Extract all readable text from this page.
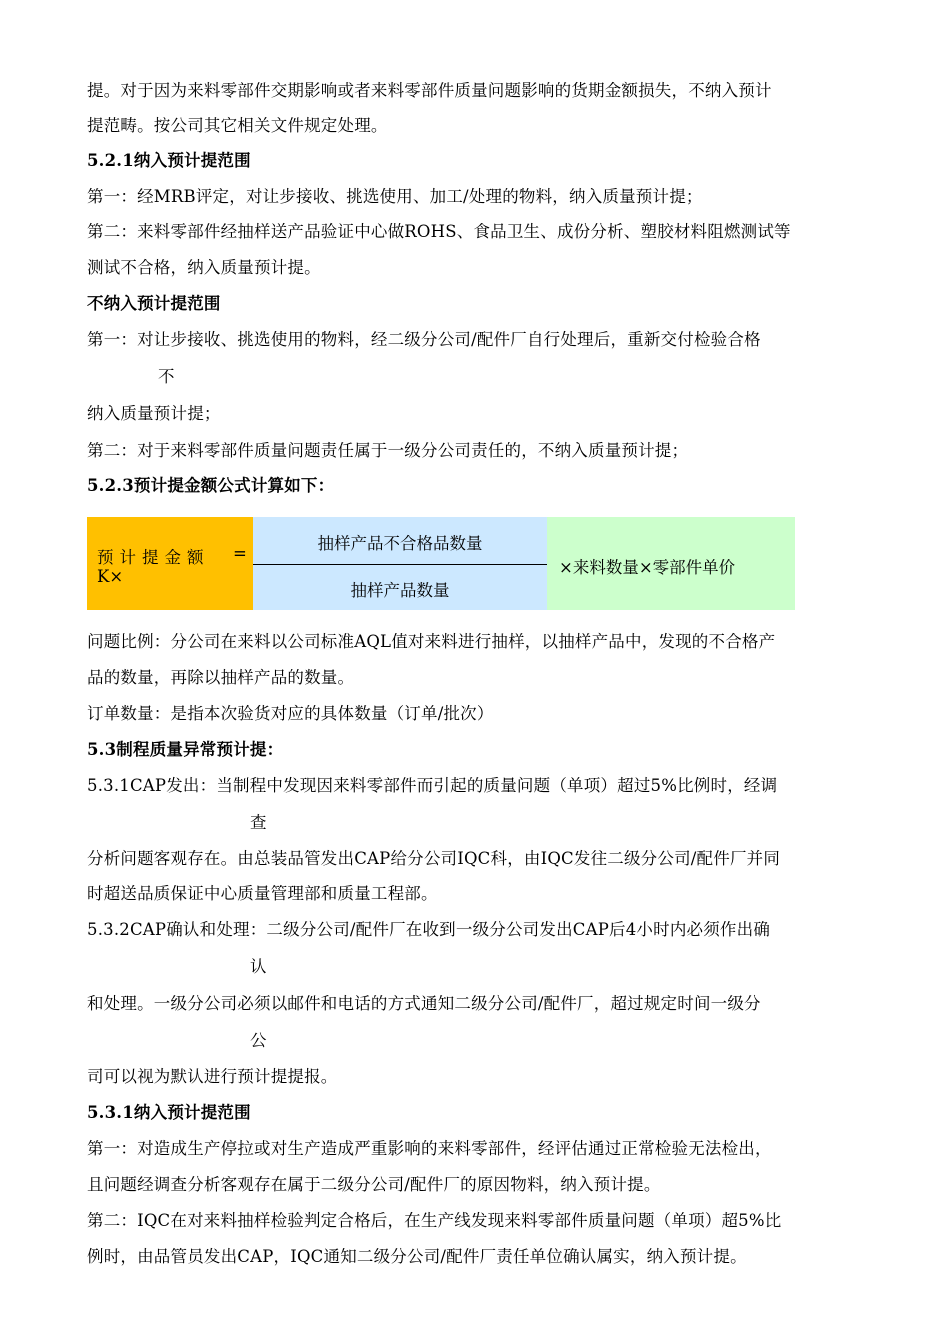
提。对于因为来料零部件交期影响或者来料零部件质量问题影响的货期金额损失，不纳入预计
提范畴。按公司其它相关文件规定处理。
5.2.1纳入预计提范围
第一：经MRB评定，对让步接收、挑选使用、加工/处理的物料，纳入质量预计提；
第二：来料零部件经抽样送产品验证中心做ROHS、食品卫生、成份分析、塑胶材料阻燃测试等
测试不合格，纳入质量预计提。
不纳入预计提范围
第一：对让步接收、挑选使用的物料，经二级分公司/配件厂自行处理后，重新交付检验合格
不
纳入质量预计提；
第二：对于来料零部件质量问题责任属于一级分公司责任的，不纳入质量预计提；
5.2.3预计提金额公式计算如下：
预计提金额 =
K×
抽样产品不合格品数量
抽样产品数量
×来料数量×零部件单价
问题比例：分公司在来料以公司标准AQL值对来料进行抽样，以抽样产品中，发现的不合格产
品的数量，再除以抽样产品的数量。
订单数量：是指本次验货对应的具体数量（订单/批次）
5.3制程质量异常预计提：
5.3.1CAP发出：当制程中发现因来料零部件而引起的质量问题（单项）超过5%比例时，经调
查
分析问题客观存在。由总装品管发出CAP给分公司IQC科，由IQC发往二级分公司/配件厂并同
时超送品质保证中心质量管理部和质量工程部。
5.3.2CAP确认和处理：二级分公司/配件厂在收到一级分公司发出CAP后4小时内必须作出确
认
和处理。一级分公司必须以邮件和电话的方式通知二级分公司/配件厂，超过规定时间一级分
公
司可以视为默认进行预计提提报。
5.3.1纳入预计提范围
第一：对造成生产停拉或对生产造成严重影响的来料零部件，经评估通过正常检验无法检出，
且问题经调查分析客观存在属于二级分公司/配件厂的原因物料，纳入预计提。
第二：IQC在对来料抽样检验判定合格后，在生产线发现来料零部件质量问题（单项）超5%比
例时，由品管员发出CAP，IQC通知二级分公司/配件厂责任单位确认属实，纳入预计提。
